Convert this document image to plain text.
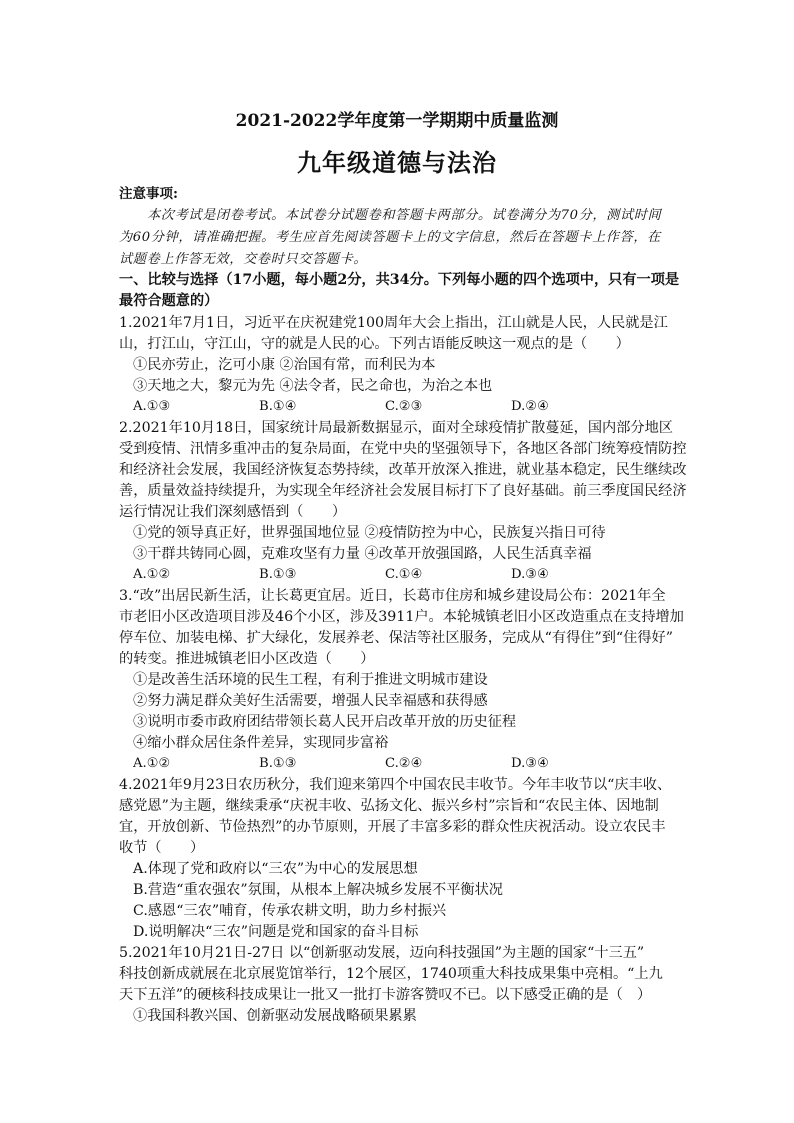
2021-2022学年度第一学期期中质量监测
九年级道德与法治
注意事项:
本次考试是闭卷考试。本试卷分试题卷和答题卡两部分。试卷满分为70分，测试时间
为60分钟，请准确把握。考生应首先阅读答题卡上的文字信息，然后在答题卡上作答，在
试题卷上作答无效，交卷时只交答题卡。
一、比较与选择（17小题，每小题2分，共34分。下列每小题的四个选项中，只有一项是
最符合题意的）
1.2021年7月1日，习近平在庆祝建党100周年大会上指出，江山就是人民，人民就是江
山，打江山，守江山，守的就是人民的心。下列古语能反映这一观点的是（　　）
①民亦劳止，汔可小康 ②治国有常，而利民为本
③天地之大，黎元为先 ④法令者，民之命也，为治之本也
A.①③	B.①④	C.②③	D.②④
2.2021年10月18日，国家统计局最新数据显示，面对全球疫情扩散蔓延，国内部分地区
受到疫情、汛情多重冲击的复杂局面，在党中央的坚强领导下，各地区各部门统筹疫情防控
和经济社会发展，我国经济恢复态势持续，改革开放深入推进，就业基本稳定，民生继续改
善，质量效益持续提升，为实现全年经济社会发展目标打下了良好基础。前三季度国民经济
运行情况让我们深刻感悟到（　　）
①党的领导真正好，世界强国地位显 ②疫情防控为中心，民族复兴指日可待
③干群共铸同心圆，克难攻坚有力量 ④改革开放强国路，人民生活真幸福
A.①②	B.①③	C.①④	D.③④
3.“改”出居民新生活，让长葛更宜居。近日，长葛市住房和城乡建设局公布：2021年全
市老旧小区改造项目涉及46个小区，涉及3911户。本轮城镇老旧小区改造重点在支持增加
停车位、加装电梯、扩大绿化，发展养老、保洁等社区服务，完成从“有得住”到“住得好”
的转变。推进城镇老旧小区改造（　　）
①是改善生活环境的民生工程，有利于推进文明城市建设
②努力满足群众美好生活需要，增强人民幸福感和获得感
③说明市委市政府团结带领长葛人民开启改革开放的历史征程
④缩小群众居住条件差异，实现同步富裕
A.①②	B.①③	C.②④	D.③④
4.2021年9月23日农历秋分，我们迎来第四个中国农民丰收节。今年丰收节以“庆丰收、
感党恩”为主题，继续秉承“庆祝丰收、弘扬文化、振兴乡村”宗旨和“农民主体、因地制
宜，开放创新、节俭热烈”的办节原则，开展了丰富多彩的群众性庆祝活动。设立农民丰
收节（　　）
A.体现了党和政府以“三农”为中心的发展思想
B.营造“重农强农”氛围，从根本上解决城乡发展不平衡状况
C.感恩“三农”哺育，传承农耕文明，助力乡村振兴
D.说明解决“三农”问题是党和国家的奋斗目标
5.2021年10月21日-27日 以“创新驱动发展，迈向科技强国”为主题的国家“十三五”
科技创新成就展在北京展览馆举行，12个展区，1740项重大科技成果集中亮相。“上九
天下五洋”的硬核科技成果让一批又一批打卡游客赞叹不已。以下感受正确的是（　）
①我国科教兴国、创新驱动发展战略硕果累累
